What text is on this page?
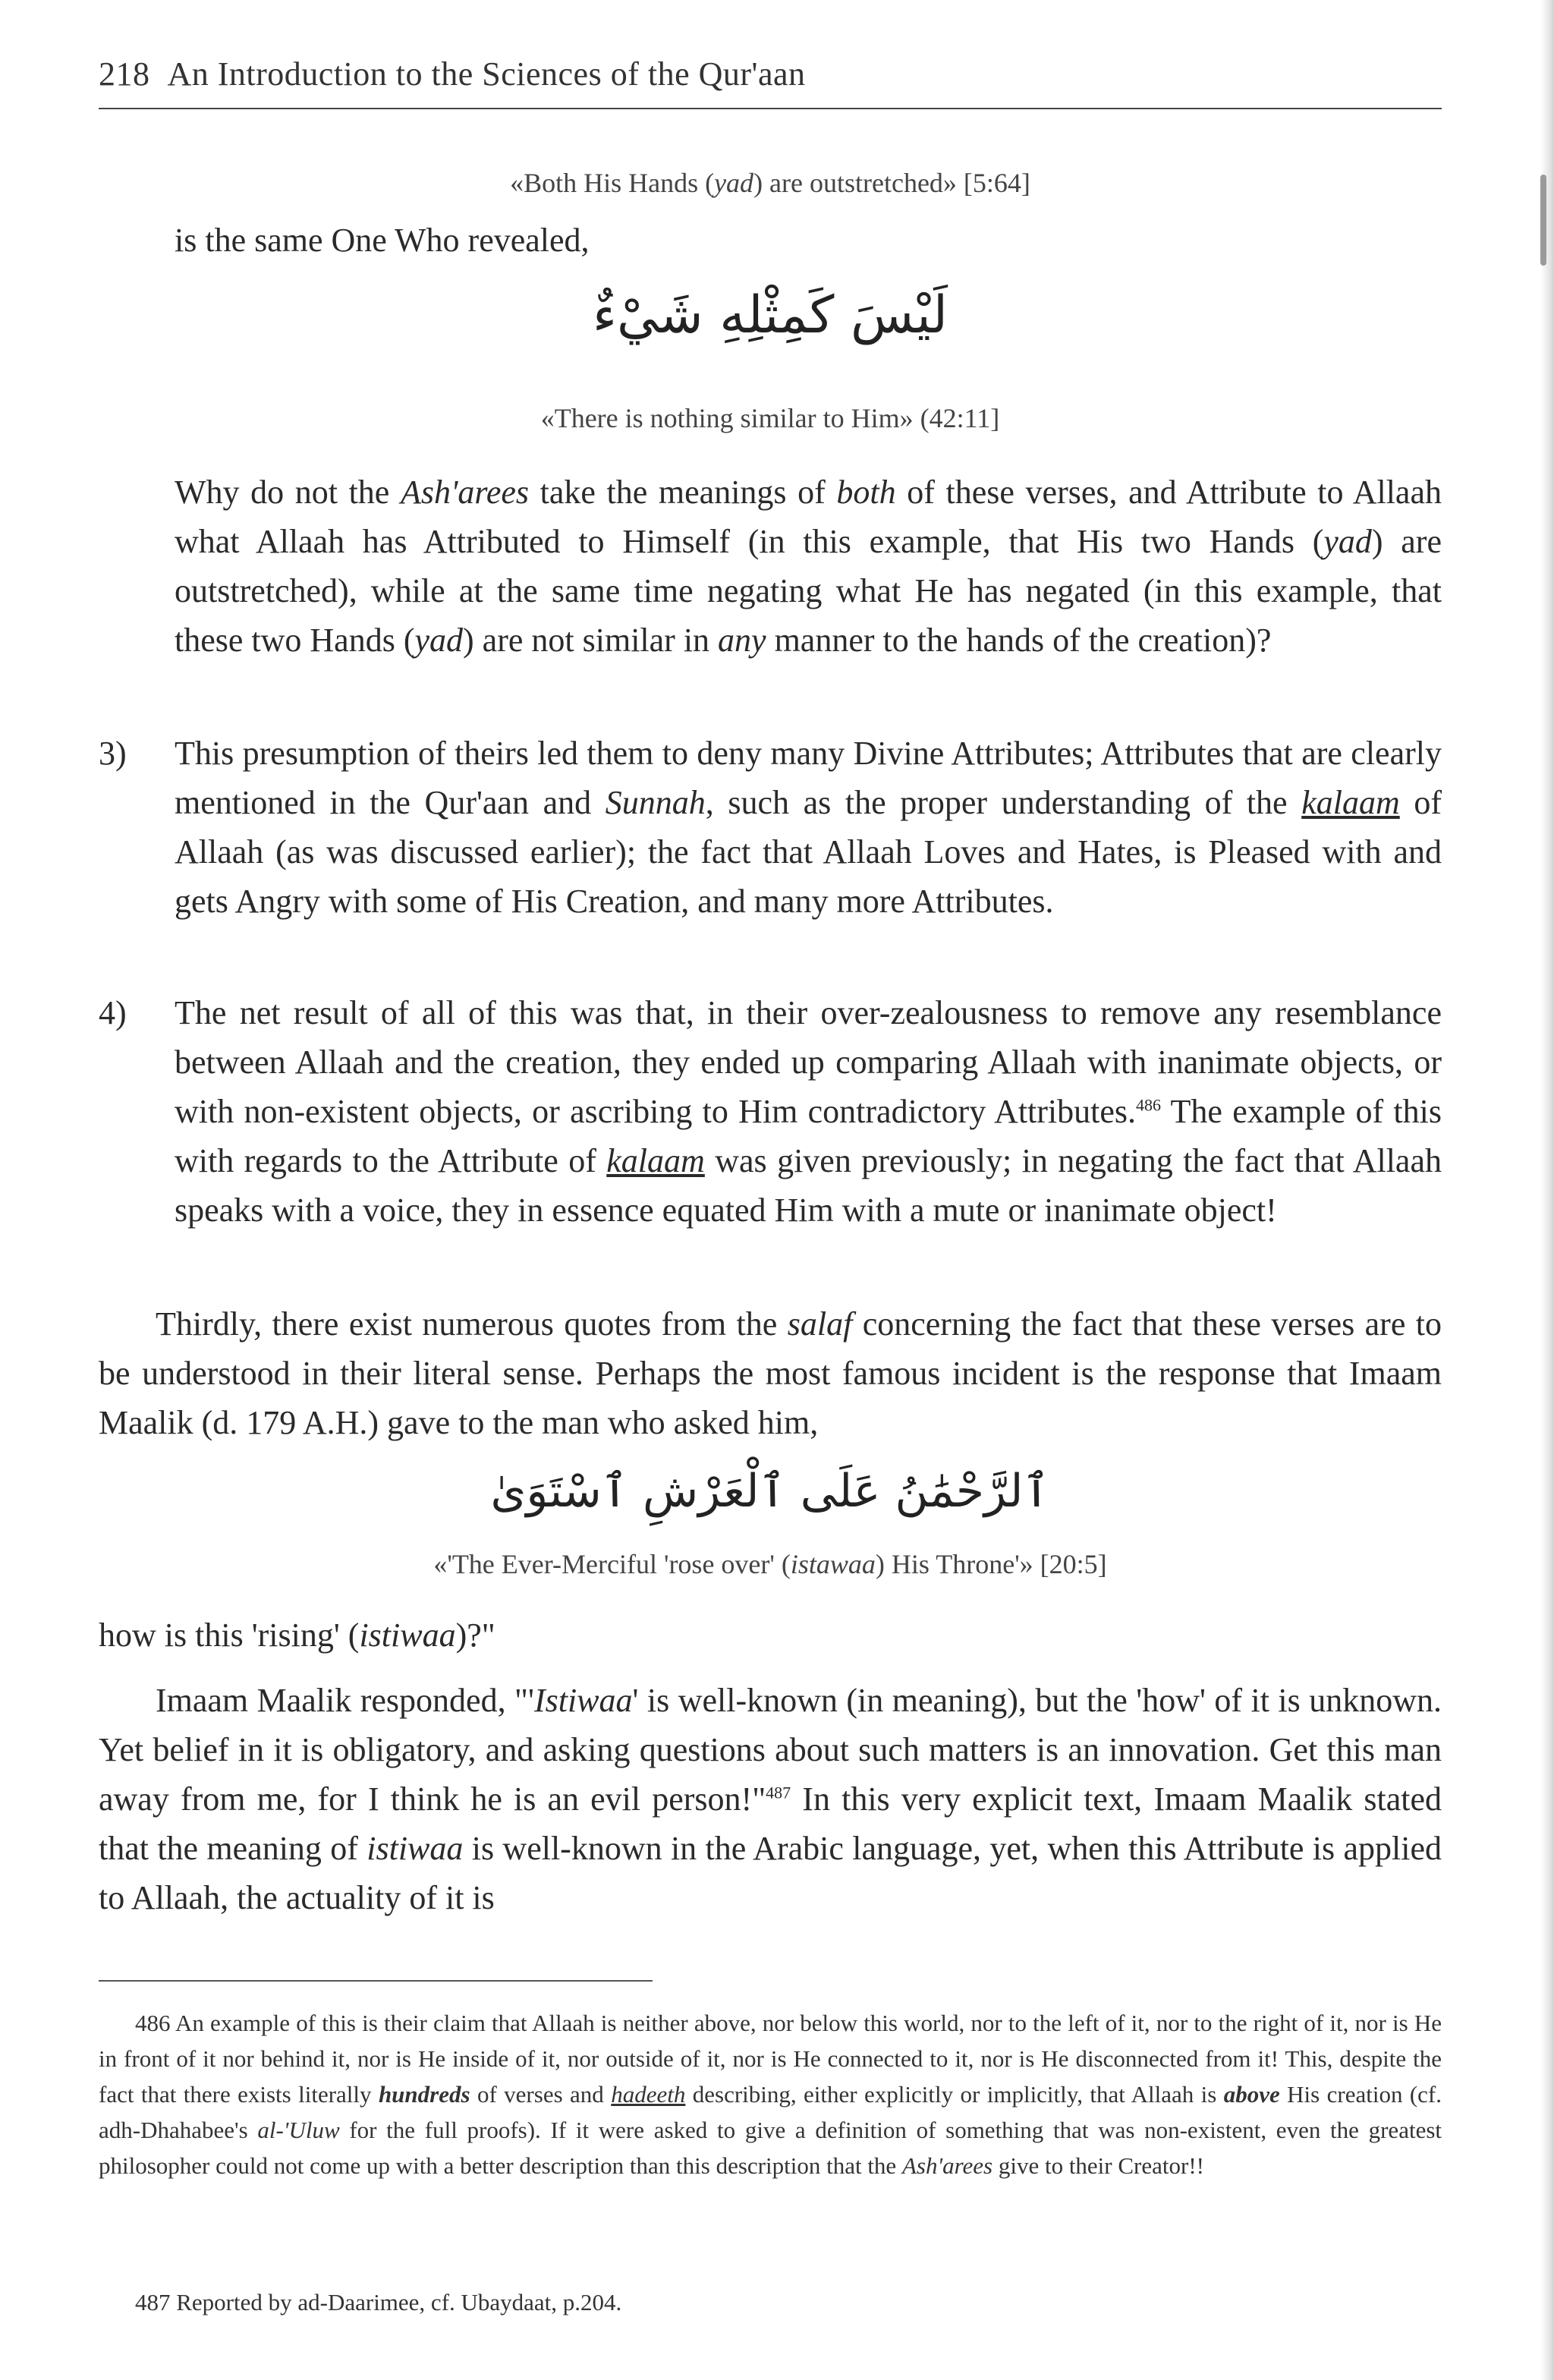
218 An Introduction to the Sciences of the Qur'aan
«Both His Hands (yad) are outstretched» [5:64]

is the same One Who revealed,

لَيْسَ كَمِثْلِهِ شَيْءٌ
«There is nothing similar to Him» (42:11]

Why do not the Ash'arees take the meanings of both of these verses, and Attribute to Allaah what Allaah has Attributed to Himself (in this example, that His two Hands (yad) are outstretched), while at the same time negating what He has negated (in this example, that these two Hands (yad) are not similar in any manner to the hands of the creation)?

3) This presumption of theirs led them to deny many Divine Attributes; Attributes that are clearly mentioned in the Qur'aan and Sunnah, such as the proper understanding of the kalaam of Allaah (as was discussed earlier); the fact that Allaah Loves and Hates, is Pleased with and gets Angry with some of His Creation, and many more Attributes.

4) The net result of all of this was that, in their over-zealousness to remove any resemblance between Allaah and the creation, they ended up comparing Allaah with inanimate objects, or with non-existent objects, or ascribing to Him contradictory Attributes.$^{486}$ The example of this with regards to the Attribute of kalaam was given previously; in negating the fact that Allaah speaks with a voice, they in essence equated Him with a mute or inanimate object!

Thirdly, there exist numerous quotes from the salaf concerning the fact that these verses are to be understood in their literal sense. Perhaps the most famous incident is the response that Imaam Maalik (d. 179 A.H.) gave to the man who asked him,

ٱلرَّحْمَٰنُ عَلَى ٱلْعَرْشِ ٱسْتَوَىٰ
«'The Ever-Merciful 'rose over' (istawaa) His Throne'» [20:5]

how is this 'rising' (istiwaa)?"

Imaam Maalik responded, "'Istiwaa' is well-known (in meaning), but the 'how' of it is unknown. Yet belief in it is obligatory, and asking questions about such matters is an innovation. Get this man away from me, for I think he is an evil person!"$^{487}$ In this very explicit text, Imaam Maalik stated that the meaning of istiwaa is well-known in the Arabic language, yet, when this Attribute is applied to Allaah, the actuality of it is

486 An example of this is their claim that Allaah is neither above, nor below this world, nor to the left of it, nor to the right of it, nor is He in front of it nor behind it, nor is He inside of it, nor outside of it, nor is He connected to it, nor is He disconnected from it! This, despite the fact that there exists literally hundreds of verses and hadeeth describing, either explicitly or implicitly, that Allaah is above His creation (cf. adh-Dhahabee's al-'Uluw for the full proofs). If it were asked to give a definition of something that was non-existent, even the greatest philosopher could not come up with a better description than this description that the Ash'arees give to their Creator!!

487 Reported by ad-Daarimee, cf. Ubaydaat, p.204.
